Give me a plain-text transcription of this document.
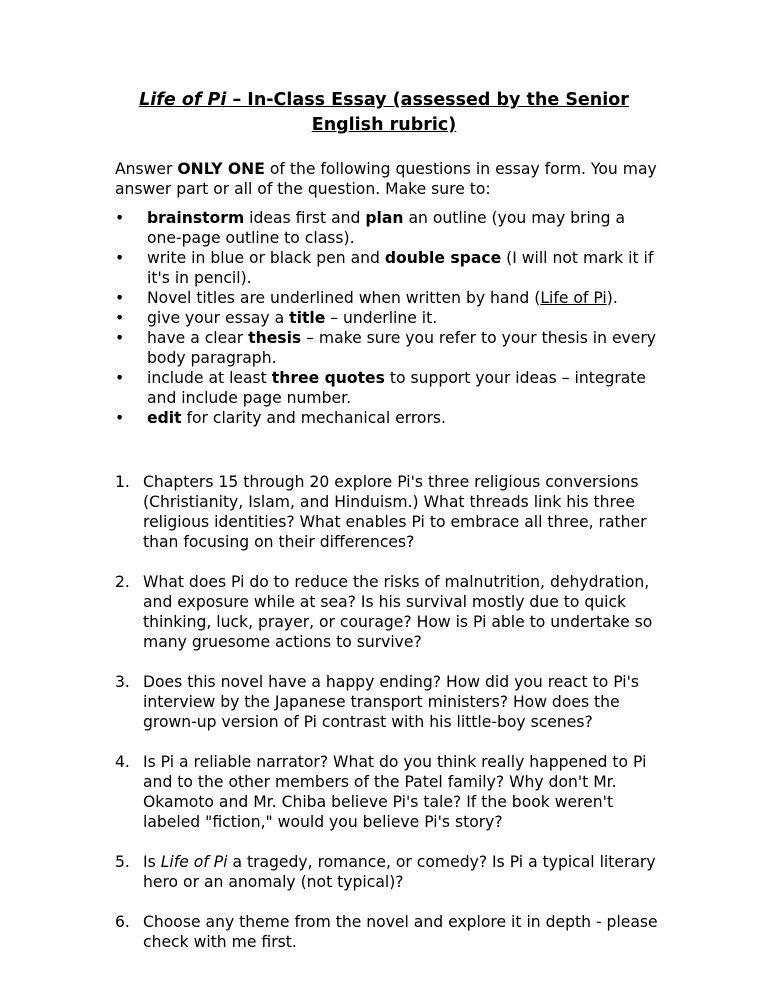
Life of Pi – In-Class Essay (assessed by the Senior English rubric)
Answer ONLY ONE of the following questions in essay form. You may answer part or all of the question. Make sure to:
•	brainstorm ideas first and plan an outline (you may bring a one-page outline to class).
•	write in blue or black pen and double space (I will not mark it if it's in pencil).
•	Novel titles are underlined when written by hand (Life of Pi).
•	give your essay a title – underline it.
•	have a clear thesis – make sure you refer to your thesis in every body paragraph.
•	include at least three quotes to support your ideas – integrate and include page number.
•	edit for clarity and mechanical errors.
1. Chapters 15 through 20 explore Pi's three religious conversions (Christianity, Islam, and Hinduism.) What threads link his three religious identities? What enables Pi to embrace all three, rather than focusing on their differences?
2. What does Pi do to reduce the risks of malnutrition, dehydration, and exposure while at sea? Is his survival mostly due to quick thinking, luck, prayer, or courage? How is Pi able to undertake so many gruesome actions to survive?
3. Does this novel have a happy ending? How did you react to Pi's interview by the Japanese transport ministers? How does the grown-up version of Pi contrast with his little-boy scenes?
4. Is Pi a reliable narrator? What do you think really happened to Pi and to the other members of the Patel family? Why don't Mr. Okamoto and Mr. Chiba believe Pi's tale? If the book weren't labeled "fiction," would you believe Pi's story?
5. Is Life of Pi a tragedy, romance, or comedy? Is Pi a typical literary hero or an anomaly (not typical)?
6. Choose any theme from the novel and explore it in depth - please check with me first.
